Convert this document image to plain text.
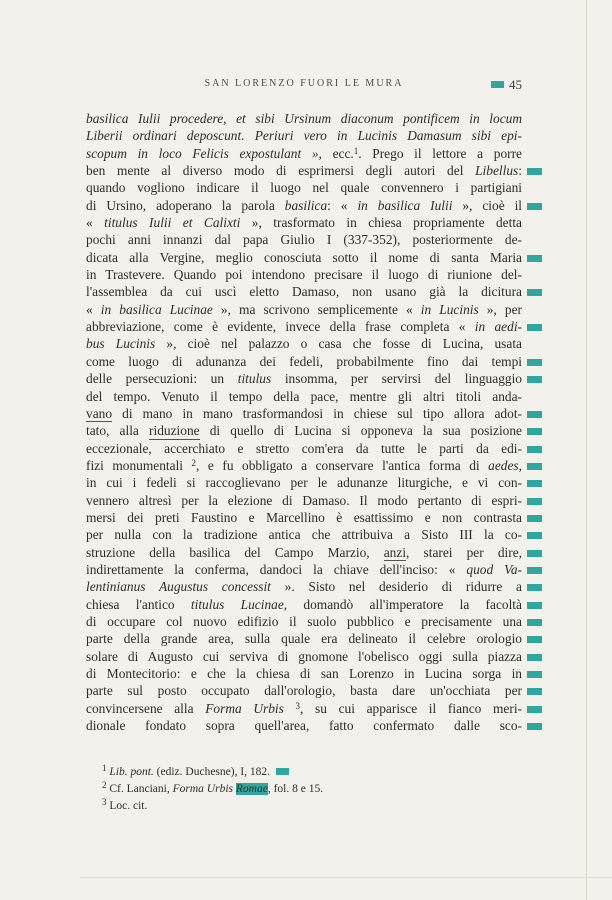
SAN LORENZO FUORI LE MURA	45
basilica Iulii procedere, et sibi Ursinum diaconum pontificem in locum
Liberii ordinari deposcunt. Periuri vero in Lucinis Damasum sibi epi-
scopum in loco Felicis expostulant », ecc.$^1$. Prego il lettore a porre
ben mente al diverso modo di esprimersi degli autori del Libellus:
quando vogliono indicare il luogo nel quale convennero i partigiani
di Ursino, adoperano la parola basilica: « in basilica Iulii », cioè il
« titulus Iulii et Calixti », trasformato in chiesa propriamente detta
pochi anni innanzi dal papa Giulio I (337-352), posteriormente de-
dicata alla Vergine, meglio conosciuta sotto il nome di santa Maria
in Trastevere. Quando poi intendono precisare il luogo di riunione del-
l'assemblea da cui uscì eletto Damaso, non usano già la dicitura
« in basilica Lucinae », ma scrivono semplicemente « in Lucinis », per
abbreviazione, come è evidente, invece della frase completa « in aedi-
bus Lucinis », cioè nel palazzo o casa che fosse di Lucina, usata
come luogo di adunanza dei fedeli, probabilmente fino dai tempi
delle persecuzioni: un titulus insomma, per servirsi del linguaggio
del tempo. Venuto il tempo della pace, mentre gli altri titoli anda-
vano di mano in mano trasformandosi in chiese sul tipo allora adot-
tato, alla riduzione di quello di Lucina si opponeva la sua posizione
eccezionale, accerchiato e stretto com'era da tutte le parti da edi-
fizi monumentali $^2$, e fu obbligato a conservare l'antica forma di aedes,
in cui i fedeli si raccoglievano per le adunanze liturgiche, e vi con-
vennero altresì per la elezione di Damaso. Il modo pertanto di espri-
mersi dei preti Faustino e Marcellino è esattissimo e non contrasta
per nulla con la tradizione antica che attribuiva a Sisto III la co-
struzione della basilica del Campo Marzio, anzi, starei per dire,
indirettamente la conferma, dandoci la chiave dell'inciso: « quod Va-
lentinianus Augustus concessit ». Sisto nel desiderio di ridurre a
chiesa l'antico titulus Lucinae, domandò all'imperatore la facoltà
di occupare col nuovo edifizio il suolo pubblico e precisamente una
parte della grande area, sulla quale era delineato il celebre orologio
solare di Augusto cui serviva di gnomone l'obelisco oggi sulla piazza
di Montecitorio: e che la chiesa di san Lorenzo in Lucina sorga in
parte sul posto occupato dall'orologio, basta dare un'occhiata per
convincersene alla Forma Urbis $^3$, su cui apparisce il fianco meri-
dionale fondato sopra quell'area, fatto confermato dalle sco-
$^1$ Lib. pont. (ediz. Duchesne), I, 182.
$^2$ Cf. Lanciani, Forma Urbis Romae, fol. 8 e 15.
$^3$ Loc. cit.
